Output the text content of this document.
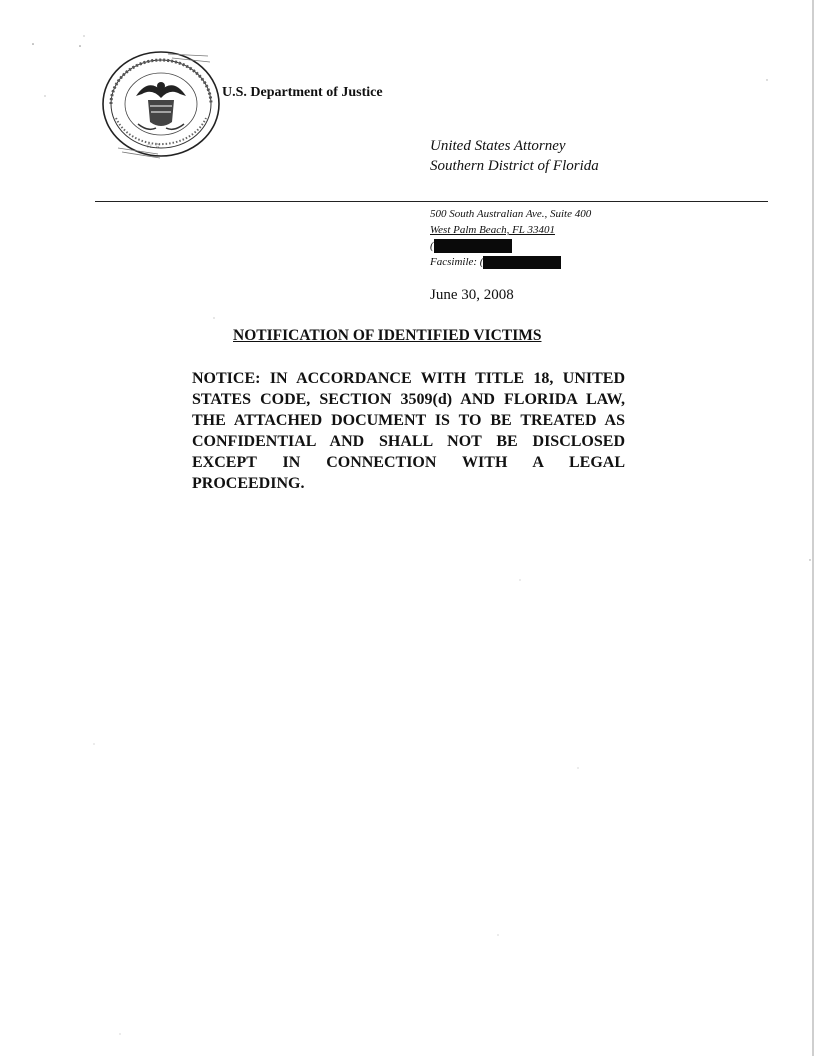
☆ ☆
U.S. Department of Justice
United States Attorney
Southern District of Florida
500 South Australian Ave., Suite 400
West Palm Beach, FL 33401
(
Facsimile: (
June 30, 2008
NOTIFICATION OF IDENTIFIED VICTIMS
NOTICE: IN ACCORDANCE WITH TITLE 18, UNITED STATES CODE, SECTION 3509(d) AND FLORIDA LAW, THE ATTACHED DOCUMENT IS TO BE TREATED AS CONFIDENTIAL AND SHALL NOT BE DISCLOSED EXCEPT IN CONNECTION WITH A LEGAL PROCEEDING.
